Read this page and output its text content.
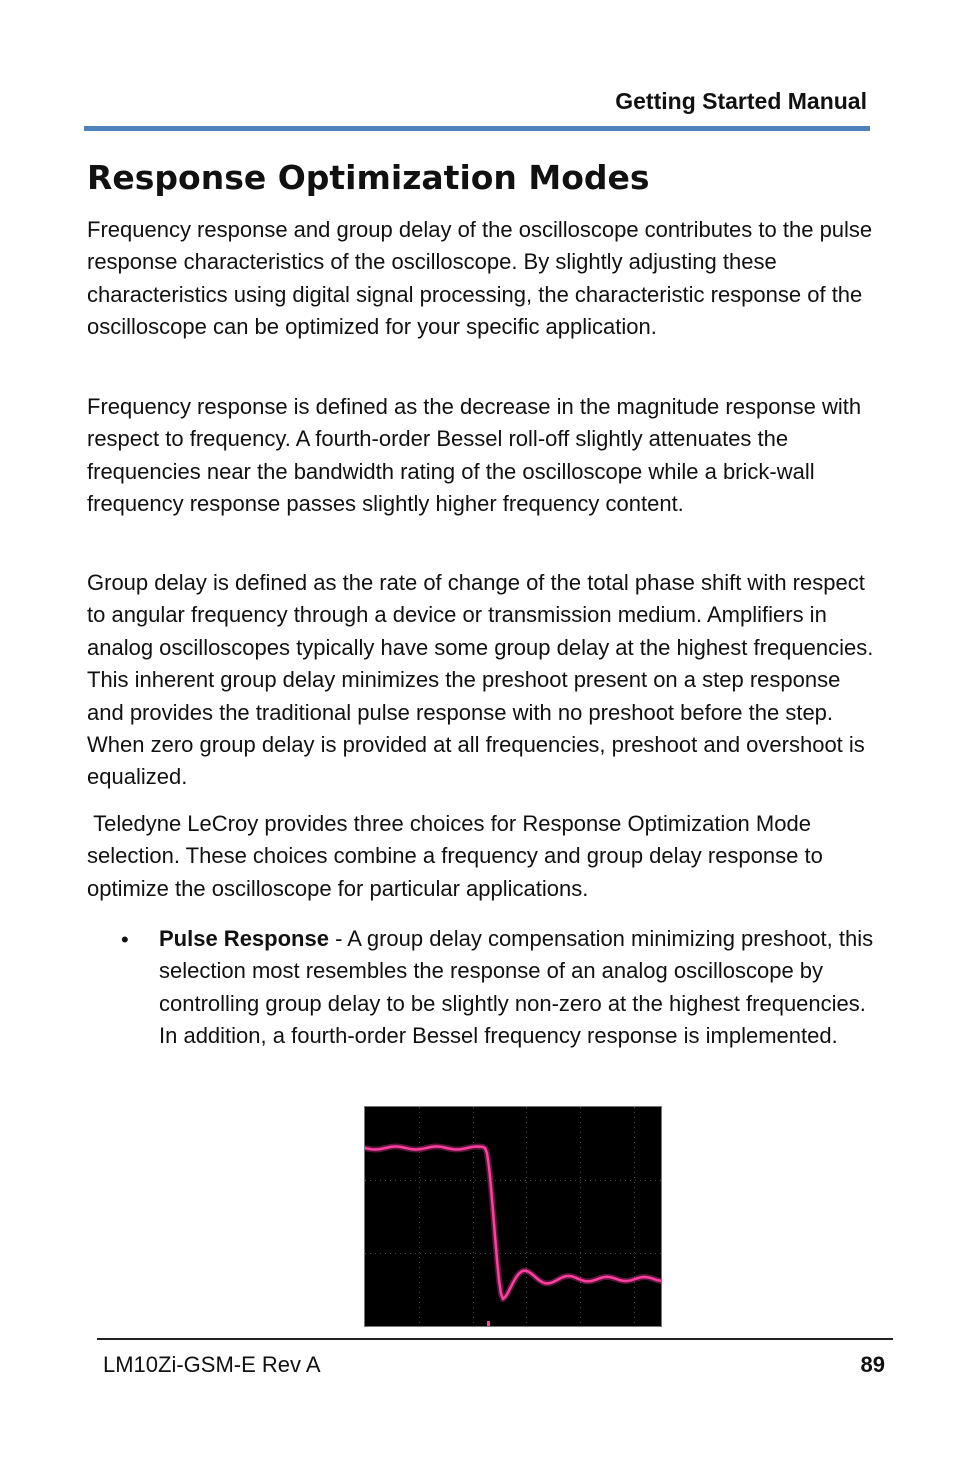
Getting Started Manual
Response Optimization Modes

Frequency response and group delay of the oscilloscope contributes to the pulse response characteristics of the oscilloscope. By slightly adjusting these characteristics using digital signal processing, the characteristic response of the oscilloscope can be optimized for your specific application.

Frequency response is defined as the decrease in the magnitude response with respect to frequency. A fourth-order Bessel roll-off slightly attenuates the frequencies near the bandwidth rating of the oscilloscope while a brick-wall frequency response passes slightly higher frequency content.

Group delay is defined as the rate of change of the total phase shift with respect to angular frequency through a device or transmission medium. Amplifiers in analog oscilloscopes typically have some group delay at the highest frequencies. This inherent group delay minimizes the preshoot present on a step response and provides the traditional pulse response with no preshoot before the step. When zero group delay is provided at all frequencies, preshoot and overshoot is equalized.

Teledyne LeCroy provides three choices for Response Optimization Mode selection. These choices combine a frequency and group delay response to optimize the oscilloscope for particular applications.

• Pulse Response - A group delay compensation minimizing preshoot, this selection most resembles the response of an analog oscilloscope by controlling group delay to be slightly non-zero at the highest frequencies. In addition, a fourth-order Bessel frequency response is implemented.

LM10Zi-GSM-E Rev A	89
